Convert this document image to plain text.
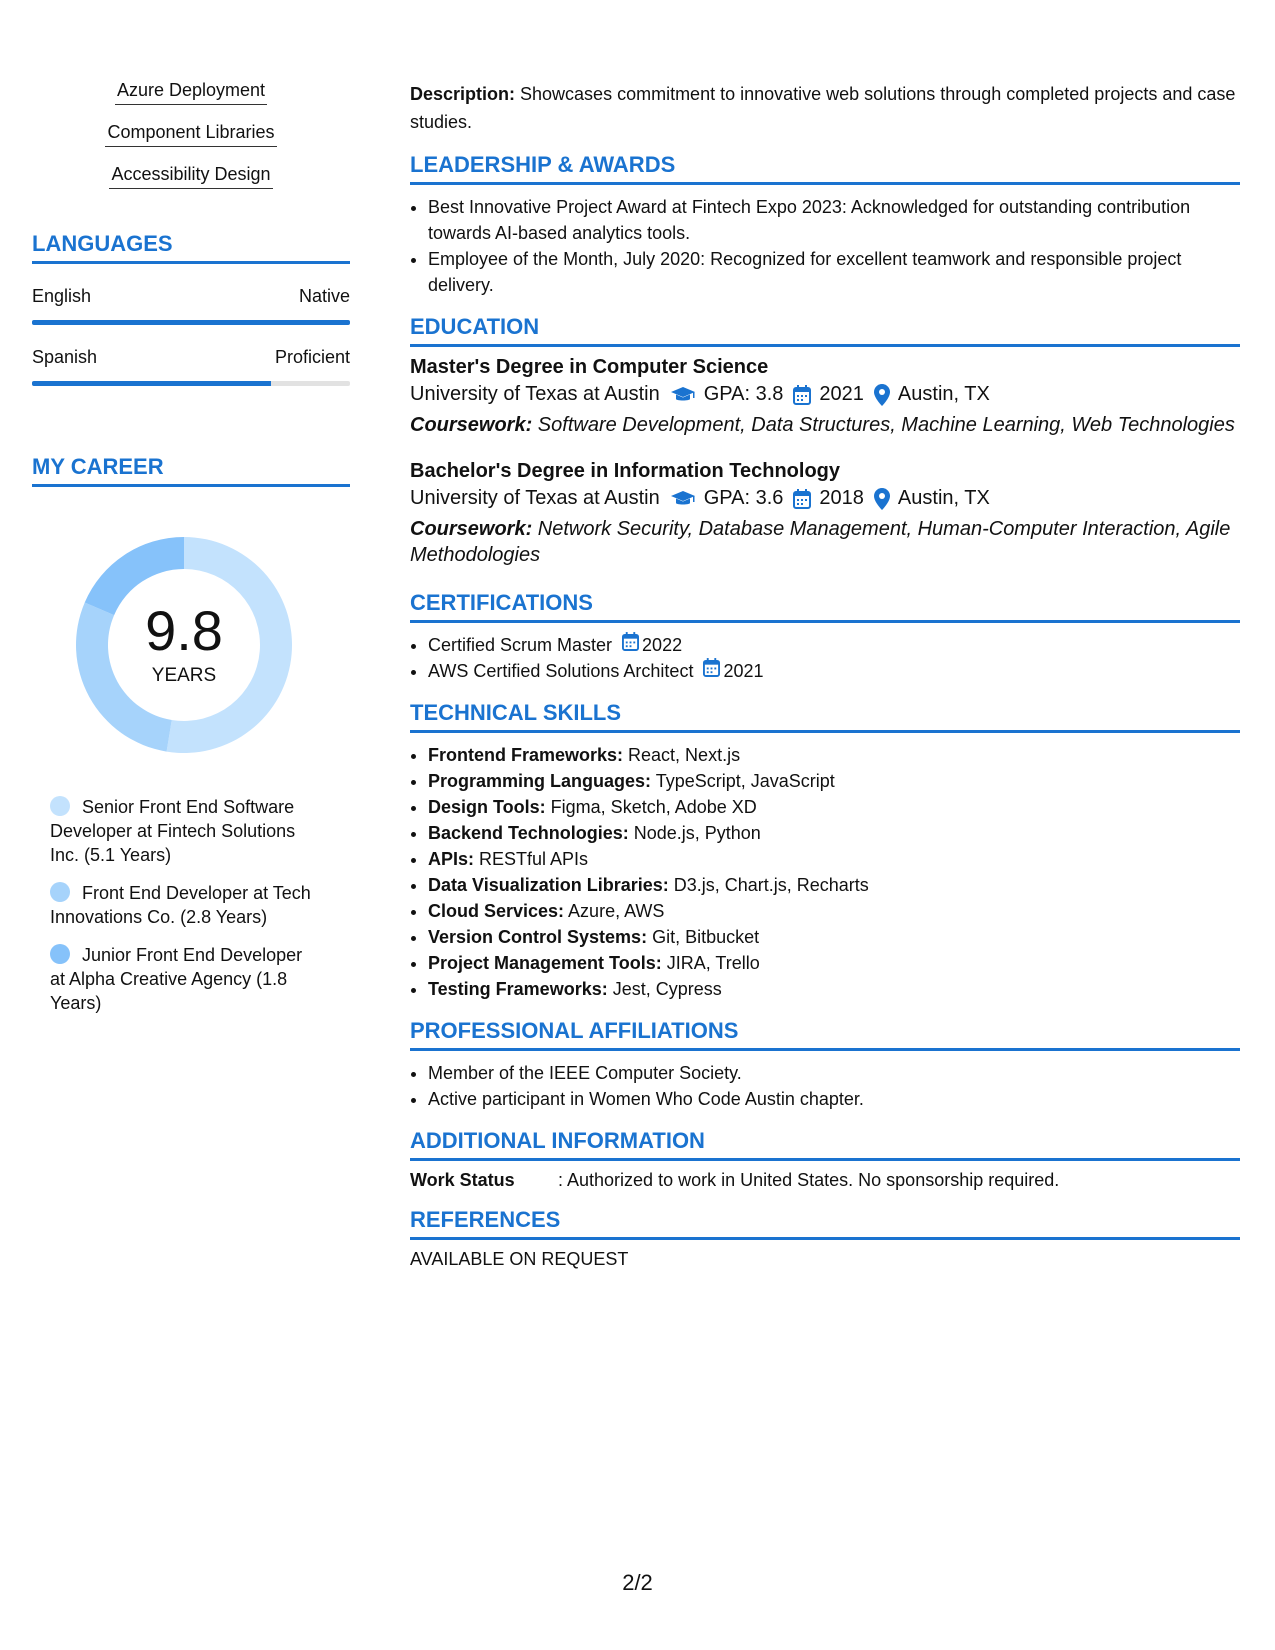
Azure Deployment
Component Libraries
Accessibility Design
LANGUAGES
English	Native
Spanish	Proficient
MY CAREER
9.8
YEARS
Senior Front End Software Developer at Fintech Solutions Inc. (5.1 Years)
Front End Developer at Tech Innovations Co. (2.8 Years)
Junior Front End Developer at Alpha Creative Agency (1.8 Years)

Description: Showcases commitment to innovative web solutions through completed projects and case studies.

LEADERSHIP & AWARDS
• Best Innovative Project Award at Fintech Expo 2023: Acknowledged for outstanding contribution towards AI-based analytics tools.
• Employee of the Month, July 2020: Recognized for excellent teamwork and responsible project delivery.
EDUCATION
Master's Degree in Computer Science
University of Texas at Austin GPA: 3.8 2021 Austin, TX
Coursework: Software Development, Data Structures, Machine Learning, Web Technologies
Bachelor's Degree in Information Technology
University of Texas at Austin GPA: 3.6 2018 Austin, TX
Coursework: Network Security, Database Management, Human-Computer Interaction, Agile Methodologies
CERTIFICATIONS
• Certified Scrum Master 2022
• AWS Certified Solutions Architect 2021
TECHNICAL SKILLS
• Frontend Frameworks: React, Next.js
• Programming Languages: TypeScript, JavaScript
• Design Tools: Figma, Sketch, Adobe XD
• Backend Technologies: Node.js, Python
• APIs: RESTful APIs
• Data Visualization Libraries: D3.js, Chart.js, Recharts
• Cloud Services: Azure, AWS
• Version Control Systems: Git, Bitbucket
• Project Management Tools: JIRA, Trello
• Testing Frameworks: Jest, Cypress
PROFESSIONAL AFFILIATIONS
• Member of the IEEE Computer Society.
• Active participant in Women Who Code Austin chapter.
ADDITIONAL INFORMATION
Work Status	: Authorized to work in United States. No sponsorship required.
REFERENCES
AVAILABLE ON REQUEST
2/2
